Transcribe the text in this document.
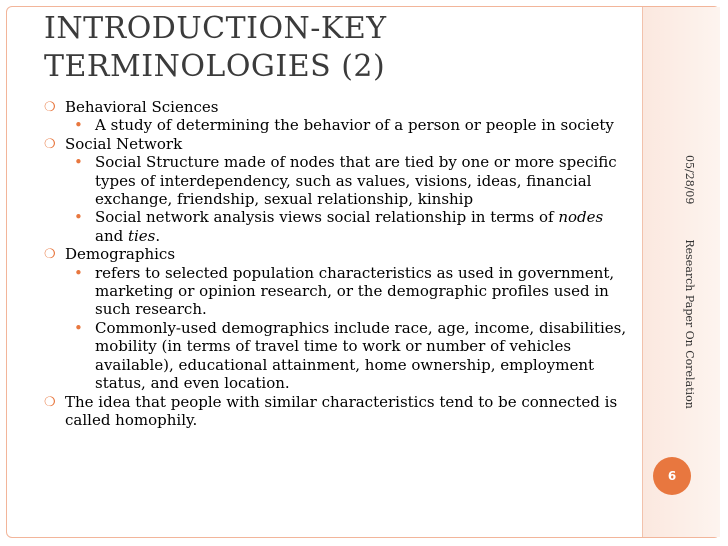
INTRODUCTION-KEY
TERMINOLOGIES (2)
❍ Behavioral Sciences
• A study of determining the behavior of a person or people in society
❍ Social Network
• Social Structure made of nodes that are tied by one or more specific types of interdependency, such as values, visions, ideas, financial exchange, friendship, sexual relationship, kinship
• Social network analysis views social relationship in terms of nodes and ties.
❍ Demographics
• refers to selected population characteristics as used in government, marketing or opinion research, or the demographic profiles used in such research.
• Commonly-used demographics include race, age, income, disabilities, mobility (in terms of travel time to work or number of vehicles available), educational attainment, home ownership, employment status, and even location.
❍ The idea that people with similar characteristics tend to be connected is called homophily.
05/28/09          Research Paper On Corelation
6
